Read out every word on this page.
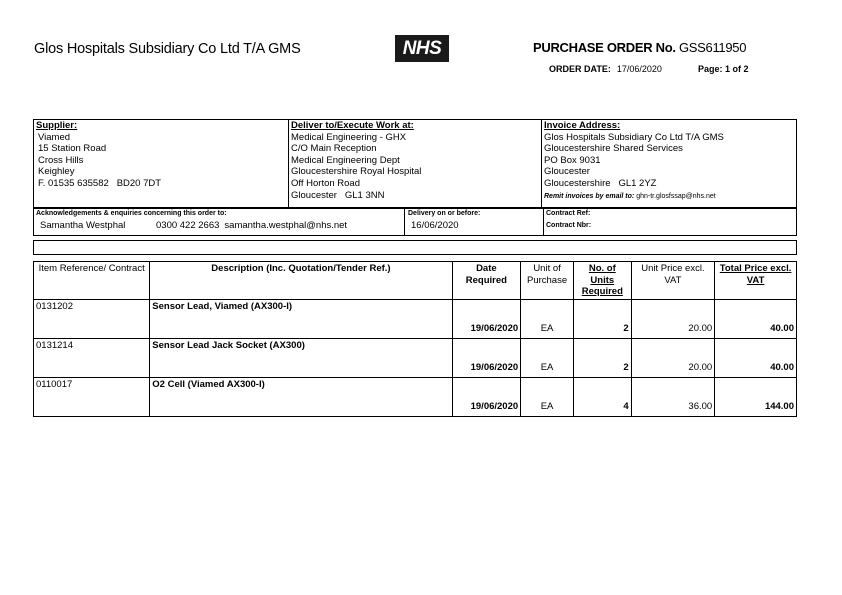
Glos Hospitals Subsidiary Co Ltd T/A GMS	NHS	PURCHASE ORDER No. GSS611950
ORDER DATE: 17/06/2020	Page: 1 of 2
Supplier:
Viamed
15 Station Road
Cross Hills
Keighley
F. 01535 635582   BD20 7DT
Deliver to/Execute Work at:
Medical Engineering - GHX
C/O Main Reception
Medical Engineering Dept
Gloucestershire Royal Hospital
Off Horton Road
Gloucester   GL1 3NN
Invoice Address:
Glos Hospitals Subsidiary Co Ltd T/A GMS
Gloucestershire Shared Services
PO Box 9031
Gloucester
Gloucestershire   GL1 2YZ
Remit invoices by email to: ghn-tr.glosfssap@nhs.net
Acknowledgements & enquiries concerning this order to:
Samantha Westphal	0300 422 2663 samantha.westphal@nhs.net
Delivery on or before:
16/06/2020
Contract Ref:
Contract Nbr:
Item Reference/ Contract	Description (Inc. Quotation/Tender Ref.)	Date Required	Unit of Purchase	No. of Units Required	Unit Price excl. VAT	Total Price excl. VAT

0131202	Sensor Lead, Viamed (AX300-I)	19/06/2020	EA	2	20.00	40.00

0131214	Sensor Lead Jack Socket (AX300)	19/06/2020	EA	2	20.00	40.00

0110017	O2 Cell (Viamed AX300-I)	19/06/2020	EA	4	36.00	144.00
